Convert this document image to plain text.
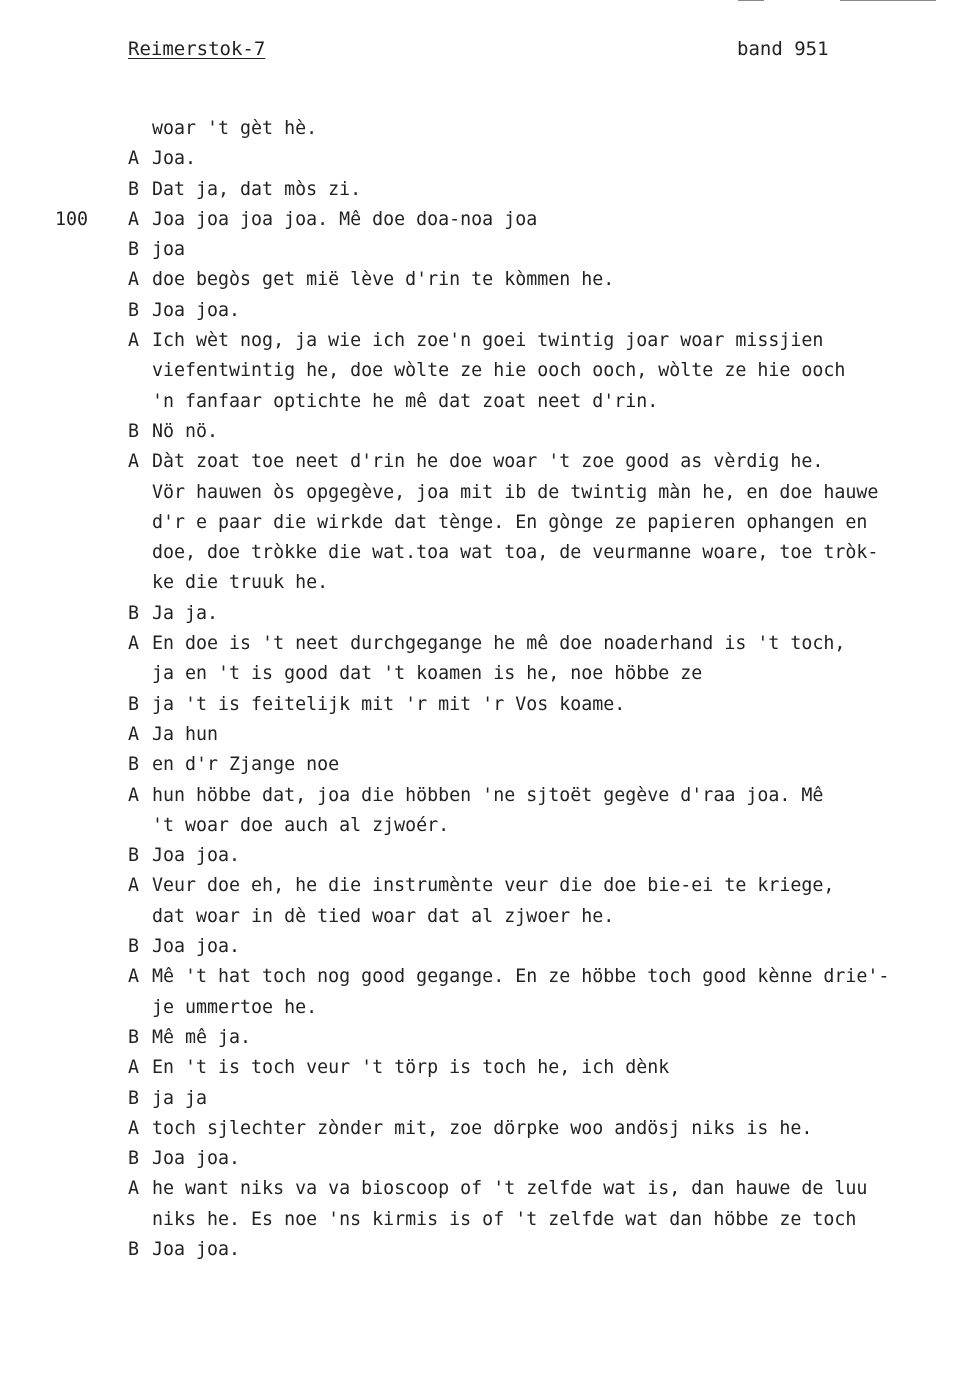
Reimerstok-7	band 951
woar 't gèt hè.
A Joa.
B Dat ja, dat mòs zi.
100 A Joa joa joa joa. Mê doe doa-noa joa
B joa
A doe begòs get mië lève d'rin te kòmmen he.
B Joa joa.
A Ich wèt nog, ja wie ich zoe'n goei twintig joar woar missjien
viefentwintig he, doe wòlte ze hie ooch ooch, wòlte ze hie ooch
'n fanfaar optichte he mê dat zoat neet d'rin.
B Nö nö.
A Dàt zoat toe neet d'rin he doe woar 't zoe good as vèrdig he.
Vör hauwen òs opgegève, joa mit ib de twintig màn he, en doe hauwe
d'r e paar die wirkde dat tènge. En gònge ze papieren ophangen en
doe, doe tròkke die wat.toa wat toa, de veurmanne woare, toe tròk-
ke die truuk he.
B Ja ja.
A En doe is 't neet durchgegange he mê doe noaderhand is 't toch,
ja en 't is good dat 't koamen is he, noe höbbe ze
B ja 't is feitelijk mit 'r mit 'r Vos koame.
A Ja hun
B en d'r Zjange noe
A hun höbbe dat, joa die höbben 'ne sjtoët gegève d'raa joa. Mê
't woar doe auch al zjwoér.
B Joa joa.
A Veur doe eh, he die instrumènte veur die doe bie-ei te kriege,
dat woar in dè tied woar dat al zjwoer he.
B Joa joa.
A Mê 't hat toch nog good gegange. En ze höbbe toch good kènne drie'-
je ummertoe he.
B Mê mê ja.
A En 't is toch veur 't törp is toch he, ich dènk
B ja ja
A toch sjlechter zònder mit, zoe dörpke woo andösj niks is he.
B Joa joa.
A he want niks va va bioscoop of 't zelfde wat is, dan hauwe de luu
niks he. Es noe 'ns kirmis is of 't zelfde wat dan höbbe ze toch
B Joa joa.
